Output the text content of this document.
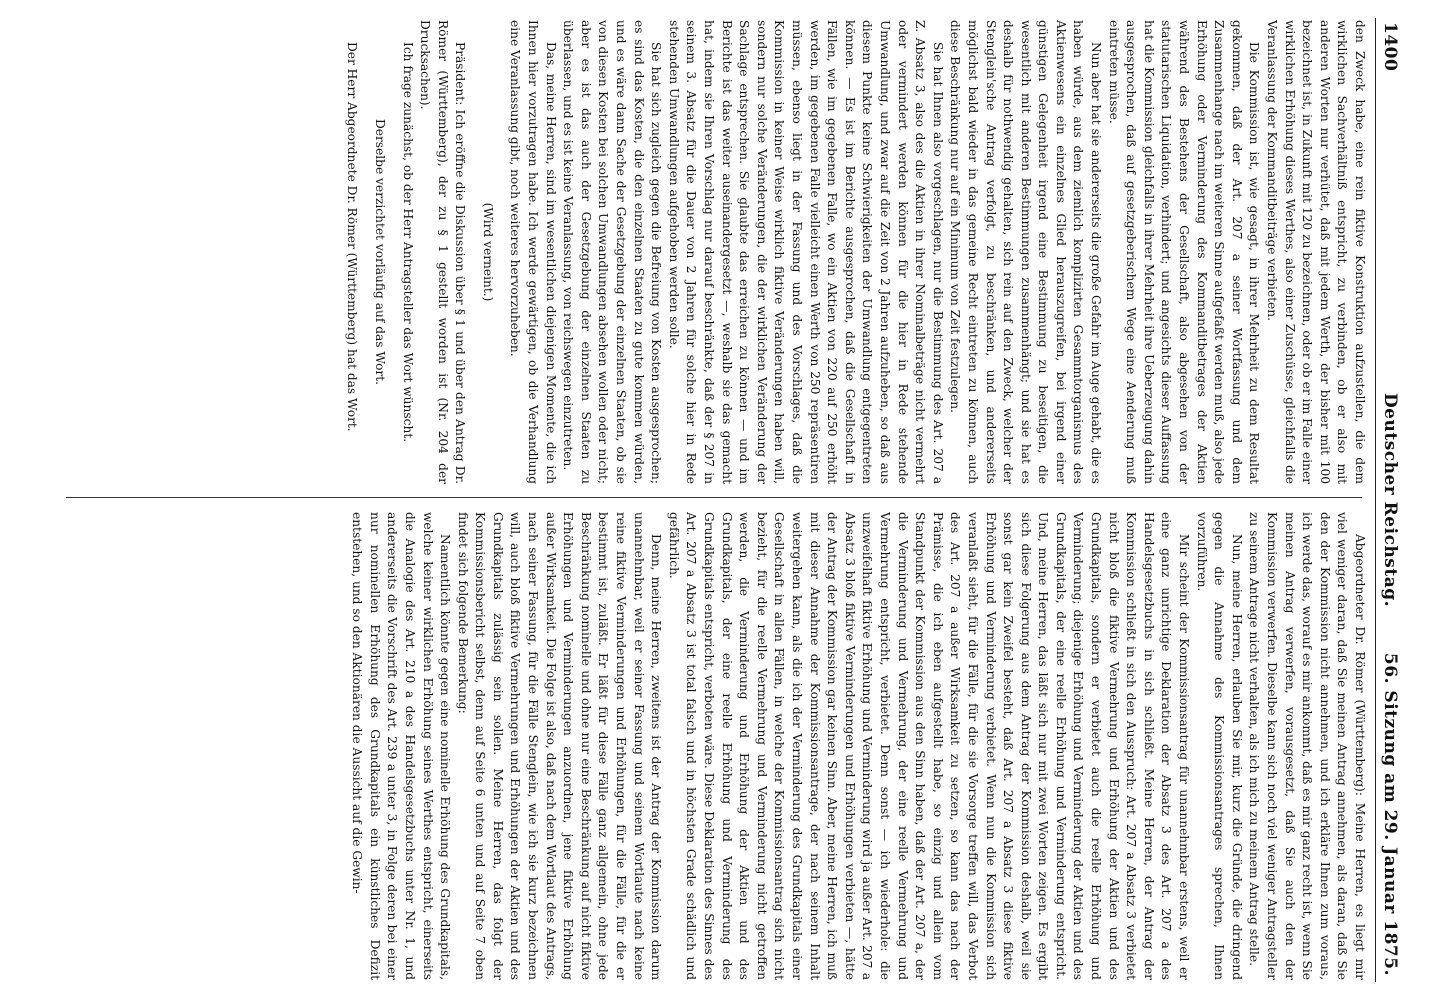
1400
Deutscher Reichstag.
56. Sitzung am 29. Januar 1875.

den Zweck habe, eine rein fiktive Konstruktion aufzustellen, die dem wirklichen Sachverhältniß entspricht, zu verbinden, ob er also mit anderen Worten nur verhütet, daß mit jedem Werth, der bisher mit 100 bezeichnet ist, in Zukunft mit 120 zu bezeichnen, oder ob er im Falle einer wirklichen Erhöhung dieses Werthes, also einer Zuschüsse, gleichfalls die Veranlassung der Kommanditbeiträge verbieten.

Die Kommission ist, wie gesagt, in ihrer Mehrheit zu dem Resultat gekommen, daß der Art. 207 a seiner Wortfassung und dem Zusammenhange nach im weiteren Sinne aufgefaßt werden muß, also jede Erhöhung oder Verminderung des Kommanditbetrages der Aktien während des Bestehens der Gesellschaft, also abgesehen von der statutarischen Liquidation, verhindert; und angesichts dieser Auffassung hat die Kommission gleichfalls in ihrer Mehrheit ihre Ueberzeugung dahin ausgesprochen, daß auf gesetzgeberischem Wege eine Aenderung muß eintreten müsse.

Nun aber hat sie andererseits die große Gefahr im Auge gehabt, die es haben würde, aus dem ziemlich komplizirten Gesammtorganismus des Aktienwesens ein einzelnes Glied herauszugreifen, bei irgend einer günstigen Gelegenheit irgend eine Bestimmung zu beseitigen, die wesentlich mit anderen Bestimmungen zusammenhängt; und sie hat es deshalb für nothwendig gehalten, sich rein auf den Zweck, welcher der Stenglein'sche Antrag verfolgt, zu beschränken, und andererseits möglichst bald wieder in das gemeine Recht eintreten zu können, auch diese Beschränkung nur auf ein Minimum von Zeit festzulegen.

Sie hat Ihnen also vorgeschlagen, nur die Bestimmung des Art. 207 a Z. Absatz 3, also des die Aktien in ihrer Nominalbeträge nicht vermehrt oder vermindert werden können für die hier in Rede stehende Umwandlung, und zwar auf die Zeit von 2 Jahren aufzuheben, so daß aus diesem Punkte keine Schwierigkeiten der Umwandlung entgegentreten können. — Es ist im Berichte ausgesprochen, daß die Gesellschaft in Fällen, wie im gegebenen Falle, wo ein Aktien von 220 auf 250 erhöht werden, im gegebenen Falle vielleicht einen Werth von 250 repräsentiren müssen, ebenso liegt in der Fassung und des Vorschlages, daß die Kommission in keiner Weise wirklich fiktive Veränderungen haben will, sondern nur solche Veränderungen, die der wirklichen Veränderung der Sachlage entsprechen. Sie glaubte das erreichen zu können — und im Berichte ist das weiter auseinandergesetzt —, weshalb sie das gemacht hat, indem sie Ihren Vorschlag nur darauf beschränkte, daß der § 207 in seinem 3. Absatz für die Dauer von 2 Jahren für solche hier in Rede stehenden Umwandlungen aufgehoben werden solle.

Sie hat sich zugleich gegen die Befreiung von Kosten ausgesprochen; es sind das Kosten, die den einzelnen Staaten zu gute kommen würden, und es wäre dann Sache der Gesetzgebung der einzelnen Staaten, ob sie von diesen Kosten bei solchen Umwandlungen absehen wollen oder nicht; aber es ist das auch der Gesetzgebung der einzelnen Staaten zu überlassen, und es ist keine Veranlassung, von reichswegen einzutreten.

Das, meine Herren, sind im wesentlichen diejenigen Momente, die ich Ihnen hier vorzutragen habe. Ich werde gewärtigen, ob die Verhandlung eine Veranlassung gibt, noch weiteres hervorzuheben.

(Wird verneint.)

Präsident: Ich eröffne die Diskussion über § 1 und über den Antrag Dr. Römer (Württemberg), der zu § 1 gestellt worden ist (Nr. 204 der Drucksachen).

Ich frage zunächst, ob der Herr Antragsteller das Wort wünscht.

Derselbe verzichtet vorläufig auf das Wort.

Der Herr Abgeordnete Dr. Römer (Württemberg) hat das Wort.

Abgeordneter Dr. Römer (Württemberg): Meine Herren, es liegt mir viel weniger daran, daß Sie meinen Antrag annehmen, als daran, daß Sie den der Kommission nicht annehmen, und ich erkläre Ihnen zum voraus, ich werde das, worauf es mir ankommt, daß es mir ganz recht ist, wenn Sie meinen Antrag verwerfen, vorausgesetzt, daß Sie auch den der Kommission verwerfen. Dieselbe kann sich noch viel weniger Antragsteller zu seinem Antrage nicht verhalten, als ich mich zu meinem Antrag stelle.

Nun, meine Herren, erlauben Sie mir, kurz die Gründe, die dringend gegen die Annahme des Kommissionsantrages sprechen, Ihnen vorzuführen.

Mir scheint der Kommissionsantrag für unannehmbar erstens, weil er eine ganz unrichtige Deklaration der Absatz 3 des Art. 207 a des Handelsgesetzbuchs in sich schließt. Meine Herren, der Antrag der Kommission schließt in sich den Ausspruch: Art. 207 a Absatz 3 verbietet nicht bloß die fiktive Vermehrung und Erhöhung der Aktien und des Grundkapitals, sondern er verbietet auch die reelle Erhöhung und Verminderung; diejenige Erhöhung und Verminderung der Aktien und des Grundkapitals, der eine reelle Erhöhung und Verminderung entspricht. Und, meine Herren, das läßt sich nur mit zwei Worten zeigen. Es ergibt sich diese Folgerung aus dem Antrag der Kommission deshalb, weil sie sonst gar kein Zweifel besteht, daß Art. 207 a Absatz 3 diese fiktive Erhöhung und Verminderung verbietet. Wenn nun die Kommission sich veranlaßt sieht, für die Fälle, für die sie Vorsorge treffen will, das Verbot des Art. 207 a außer Wirksamkeit zu setzen, so kann das nach der Prämisse, die ich eben aufgestellt habe, so einzig und allein vom Standpunkt der Kommission aus den Sinn haben, daß der Art. 207 a, der die Verminderung und Vermehrung, der eine reelle Vermehrung und Vermehrung entspricht, verbietet. Denn sonst — ich wiederhole: die unzweifelhaft fiktive Erhöhung und Verminderung wird ja außer Art. 207 a Absatz 3 bloß fiktive Verminderungen und Erhöhungen verbieten —, hätte der Antrag der Kommission gar keinen Sinn. Aber, meine Herren, ich muß mit dieser Annahme der Kommissionsantrage, der nach seinem Inhalt weitergehen kann, als die ich der Verminderung des Grundkapitals einer Gesellschaft in allen Fällen, in welche der Kommissionsantrag sich nicht bezieht, für die reelle Vermehrung und Verminderung nicht getroffen werden, die Verminderung und Erhöhung der Aktien und des Grundkapitals, der eine reelle Erhöhung und Verminderung des Grundkapitals entspricht, verboten wäre. Diese Deklaration des Sinnes des Art. 207 a Absatz 3 ist total falsch und in höchsten Grade schädlich und gefährlich.

Denn, meine Herren, zweitens ist der Antrag der Kommission darum unannehmbar, weil er seiner Fassung und seinem Wortlaute nach keine reine fiktive Verminderungen und Erhöhungen, für die Fälle, für die er bestimmt ist, zuläßt. Er läßt für diese Fälle ganz allgemein, ohne jede Beschränkung nominelle und ohne nur eine Beschränkung auf nicht fiktive Erhöhungen und Verminderungen anzuordnen, jene fiktive Erhöhung außer Wirksamkeit. Die Folge ist also, daß nach dem Wortlaut des Antrags, nach seiner Fassung, für die Fälle Stenglein, wie ich sie kurz bezeichnen will, auch bloß fiktive Vermehrungen und Erhöhungen der Aktien und des Grundkapitals zulässig sein sollen. Meine Herren, das folgt der Kommissionsbericht selbst, denn auf Seite 6 unten und auf Seite 7 oben findet sich folgende Bemerkung:

Namentlich könnte gegen eine nominelle Erhöhung des Grundkapitals, welche keiner wirklichen Erhöhung seines Werthes entspricht, einerseits die Analogie des Art. 210 a des Handelsgesetzbuchs unter Nr. 1, und andererseits die Vorschrift des Art. 239 a unter 3, in Folge deren bei einer nur nominellen Erhöhung des Grundkapitals ein künstliches Defizit entstehen, und so den Aktionären die Aussicht auf die Gewin-
